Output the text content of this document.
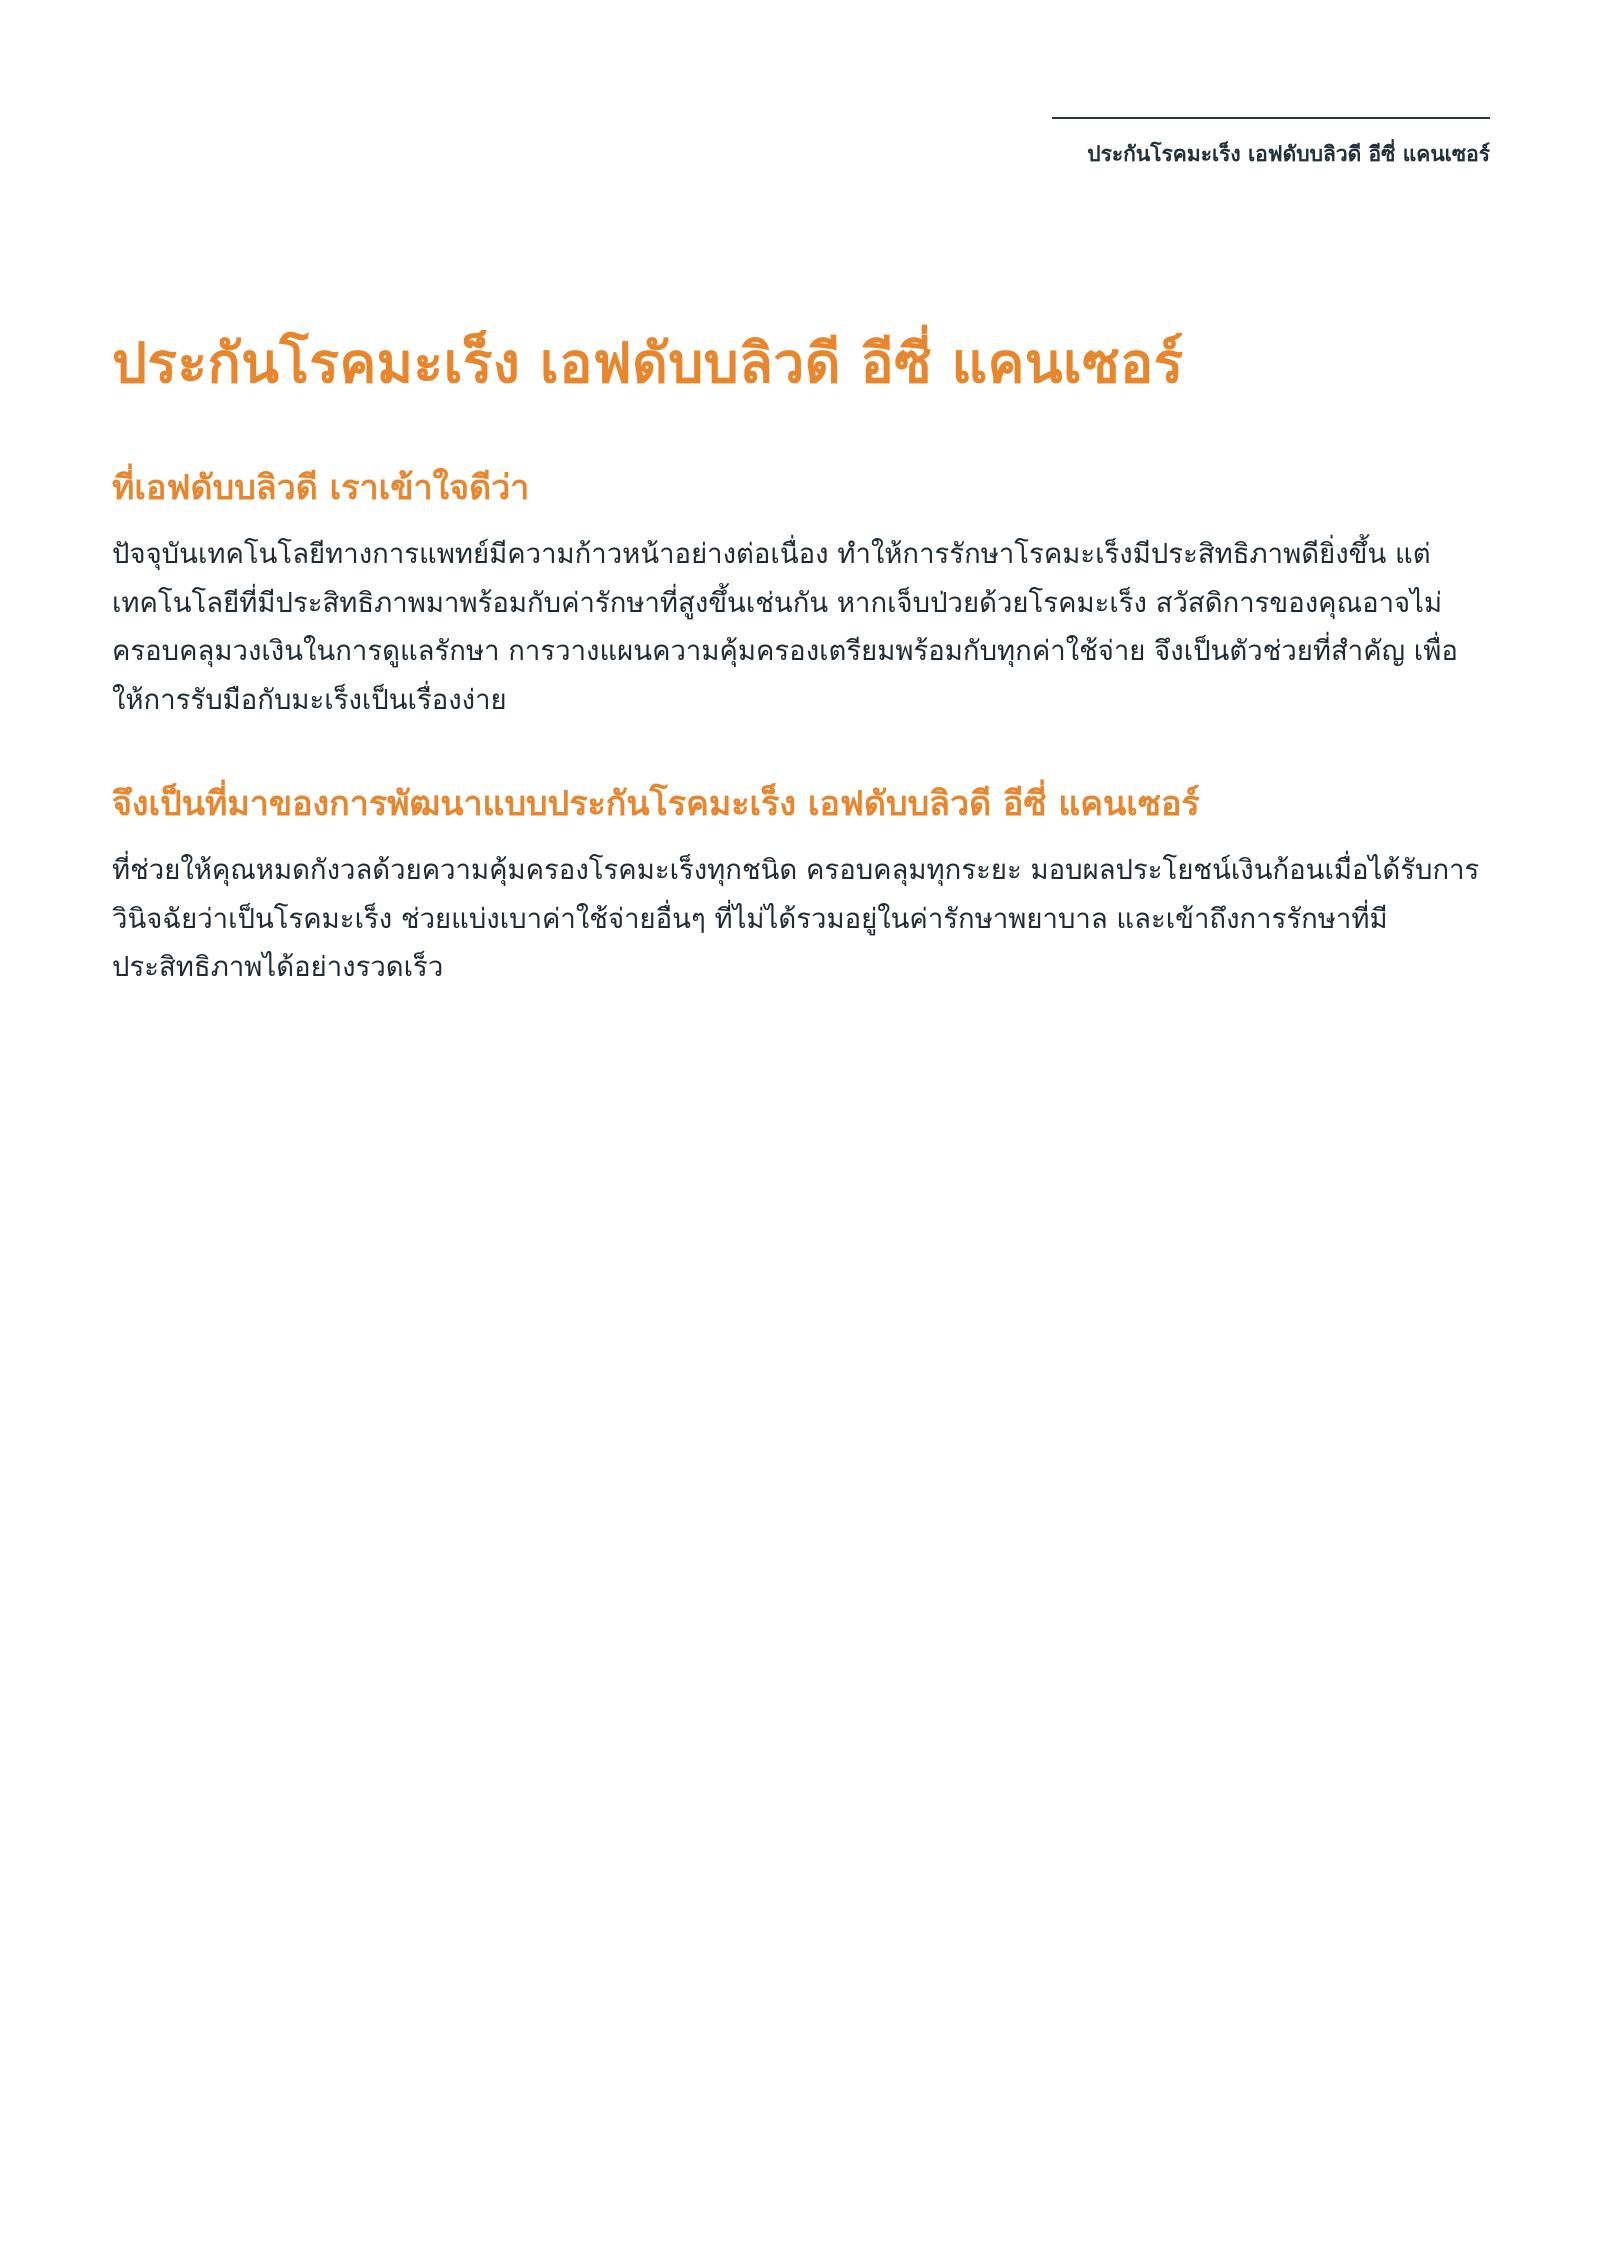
ประกันโรคมะเร็ง เอฟดับบลิวดี อีซี่ แคนเซอร์
ประกันโรคมะเร็ง เอฟดับบลิวดี อีซี่ แคนเซอร์
ที่เอฟดับบลิวดี เราเข้าใจดีว่า

ปัจจุบันเทคโนโลยีทางการแพทย์มีความก้าวหน้าอย่างต่อเนื่อง ทำให้การรักษาโรคมะเร็งมีประสิทธิภาพดียิ่งขึ้น แต่เทคโนโลยีที่มีประสิทธิภาพมาพร้อมกับค่ารักษาที่สูงขึ้นเช่นกัน หากเจ็บป่วยด้วยโรคมะเร็ง สวัสดิการของคุณอาจไม่ครอบคลุมวงเงินในการดูแลรักษา การวางแผนความคุ้มครองเตรียมพร้อมกับทุกค่าใช้จ่าย จึงเป็นตัวช่วยที่สำคัญ เพื่อให้การรับมือกับมะเร็งเป็นเรื่องง่าย

จึงเป็นที่มาของการพัฒนาแบบประกันโรคมะเร็ง เอฟดับบลิวดี อีซี่ แคนเซอร์

ที่ช่วยให้คุณหมดกังวลด้วยความคุ้มครองโรคมะเร็งทุกชนิด ครอบคลุมทุกระยะ มอบผลประโยชน์เงินก้อนเมื่อได้รับการวินิจฉัยว่าเป็นโรคมะเร็ง ช่วยแบ่งเบาค่าใช้จ่ายอื่นๆ ที่ไม่ได้รวมอยู่ในค่ารักษาพยาบาล และเข้าถึงการรักษาที่มีประสิทธิภาพได้อย่างรวดเร็ว
